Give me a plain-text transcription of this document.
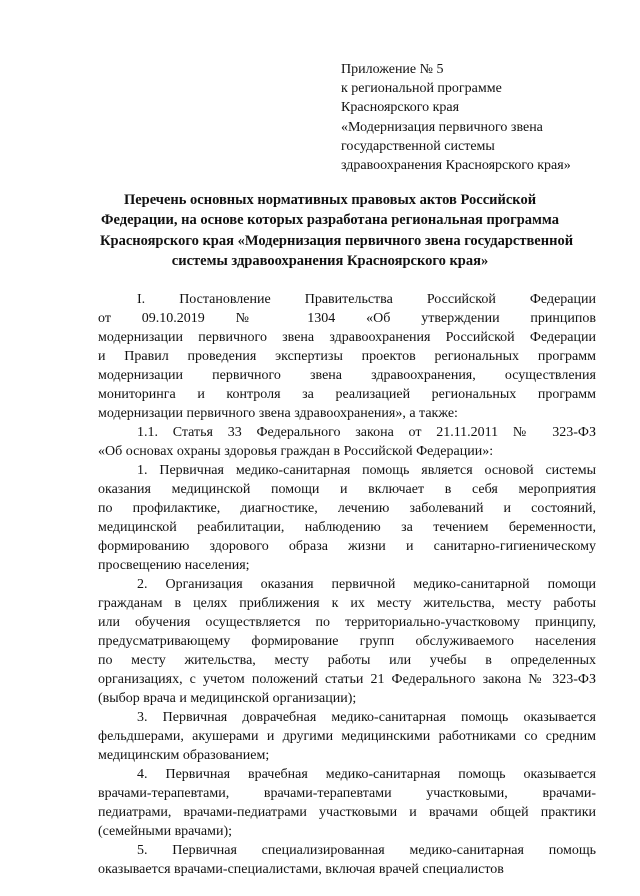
Приложение № 5
к региональной программе
Красноярского края
«Модернизация первичного звена
государственной системы
здравоохранения Красноярского края»
Перечень основных нормативных правовых актов Российской
Федерации, на основе которых разработана региональная программа
Красноярского края «Модернизация первичного звена государственной
системы здравоохранения Красноярского края»
I. Постановление Правительства Российской Федерации
от 09.10.2019 № 1304 «Об утверждении принципов
модернизации первичного звена здравоохранения Российской Федерации
и Правил проведения экспертизы проектов региональных программ
модернизации первичного звена здравоохранения, осуществления
мониторинга и контроля за реализацией региональных программ
модернизации первичного звена здравоохранения», а также:
1.1. Статья 33 Федерального закона от 21.11.2011 № 323-ФЗ
«Об основах охраны здоровья граждан в Российской Федерации»:
1. Первичная медико-санитарная помощь является основой системы
оказания медицинской помощи и включает в себя мероприятия
по профилактике, диагностике, лечению заболеваний и состояний,
медицинской реабилитации, наблюдению за течением беременности,
формированию здорового образа жизни и санитарно-гигиеническому
просвещению населения;
2. Организация оказания первичной медико-санитарной помощи
гражданам в целях приближения к их месту жительства, месту работы
или обучения осуществляется по территориально-участковому принципу,
предусматривающему формирование групп обслуживаемого населения
по месту жительства, месту работы или учебы в определенных
организациях, с учетом положений статьи 21 Федерального закона № 323-ФЗ
(выбор врача и медицинской организации);
3. Первичная доврачебная медико-санитарная помощь оказывается
фельдшерами, акушерами и другими медицинскими работниками со средним
медицинским образованием;
4. Первичная врачебная медико-санитарная помощь оказывается
врачами-терапевтами, врачами-терапевтами участковыми, врачами-
педиатрами, врачами-педиатрами участковыми и врачами общей практики
(семейными врачами);
5. Первичная специализированная медико-санитарная помощь
оказывается врачами-специалистами, включая врачей специалистов
